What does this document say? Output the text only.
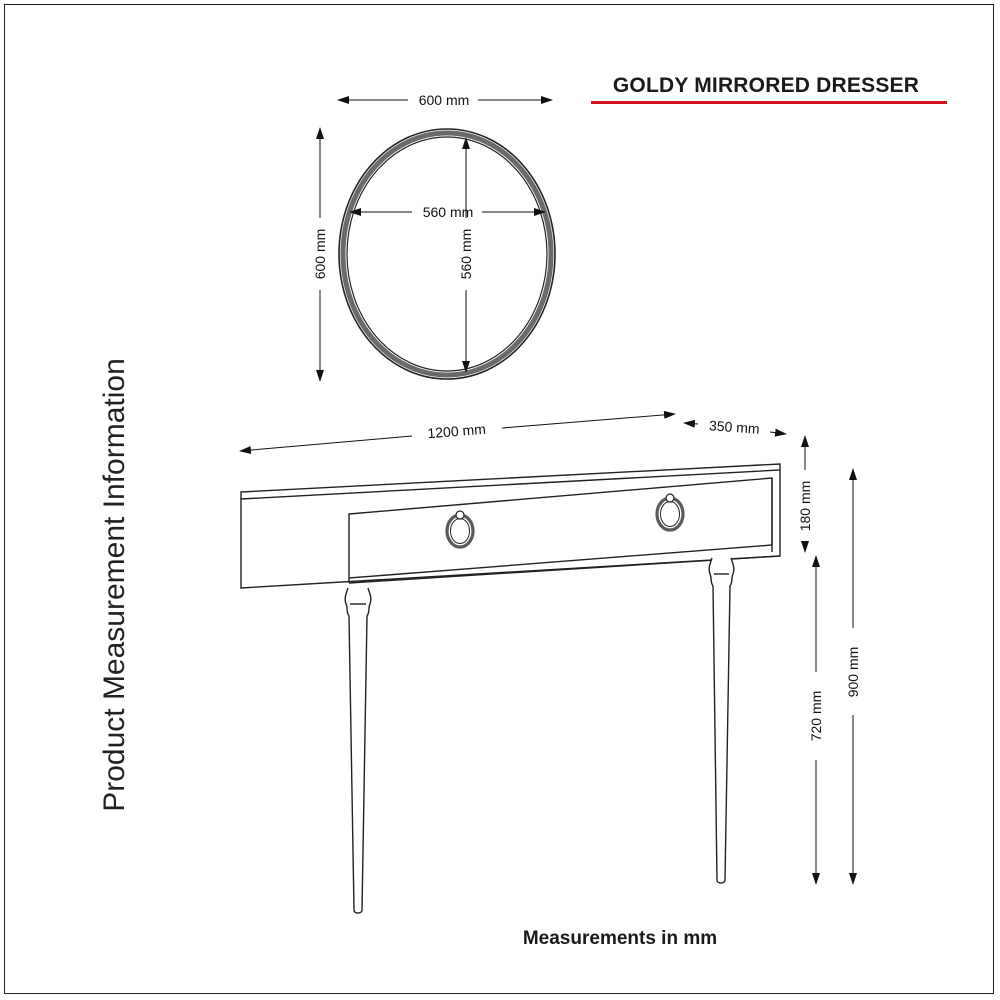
GOLDY MIRRORED DRESSER
Product Measurement Information
600 mm
560 mm
560 mm
600 mm
1200 mm	350 mm
180 mm
720 mm
900 mm
Measurements in mm
